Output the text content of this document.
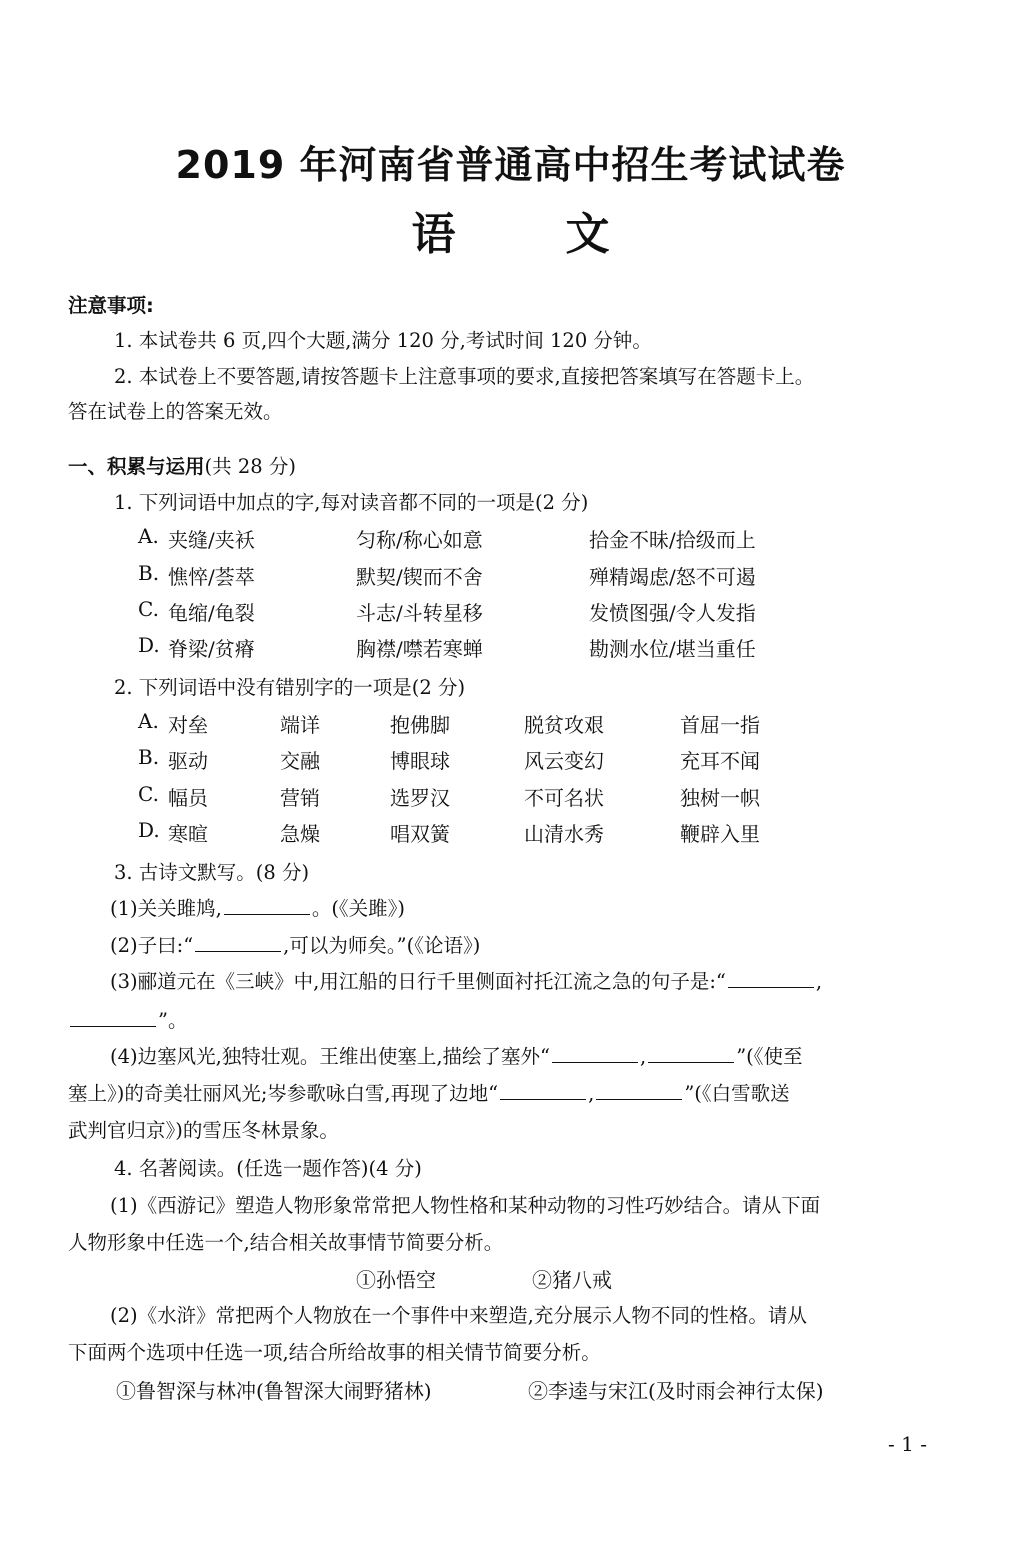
2019 年河南省普通高中招生考试试卷
语文
注意事项:
1. 本试卷共 6 页,四个大题,满分 120 分,考试时间 120 分钟。
2. 本试卷上不要答题,请按答题卡上注意事项的要求,直接把答案填写在答题卡上。
答在试卷上的答案无效。
一、积累与运用(共 28 分)
1. 下列词语中加点的字,每对读音都不同的一项是(2 分)
A. 夹缝/夹袄	匀称/称心如意	拾金不昧/拾级而上
B. 憔悴/荟萃	默契/锲而不舍	殚精竭虑/怒不可遏
C. 龟缩/龟裂	斗志/斗转星移	发愤图强/令人发指
D. 脊梁/贫瘠	胸襟/噤若寒蝉	勘测水位/堪当重任
2. 下列词语中没有错别字的一项是(2 分)
A. 对垒	端详	抱佛脚	脱贫攻艰	首屈一指
B. 驱动	交融	博眼球	风云变幻	充耳不闻
C. 幅员	营销	选罗汉	不可名状	独树一帜
D. 寒暄	急燥	唱双簧	山清水秀	鞭辟入里
3. 古诗文默写。(8 分)
(1)关关雎鸠,	。(《关雎》)
(2)子曰:“	,可以为师矣。”(《论语》)
(3)郦道元在《三峡》中,用江船的日行千里侧面衬托江流之急的句子是:“	,
”。
(4)边塞风光,独特壮观。王维出使塞上,描绘了塞外“	,	”(《使至
塞上》)的奇美壮丽风光;岑参歌咏白雪,再现了边地“	,	”(《白雪歌送
武判官归京》)的雪压冬林景象。
4. 名著阅读。(任选一题作答)(4 分)
(1)《西游记》塑造人物形象常常把人物性格和某种动物的习性巧妙结合。请从下面
人物形象中任选一个,结合相关故事情节简要分析。
①孙悟空	②猪八戒
(2)《水浒》常把两个人物放在一个事件中来塑造,充分展示人物不同的性格。请从
下面两个选项中任选一项,结合所给故事的相关情节简要分析。
①鲁智深与林冲(鲁智深大闹野猪林)	②李逵与宋江(及时雨会神行太保)
- 1 -
